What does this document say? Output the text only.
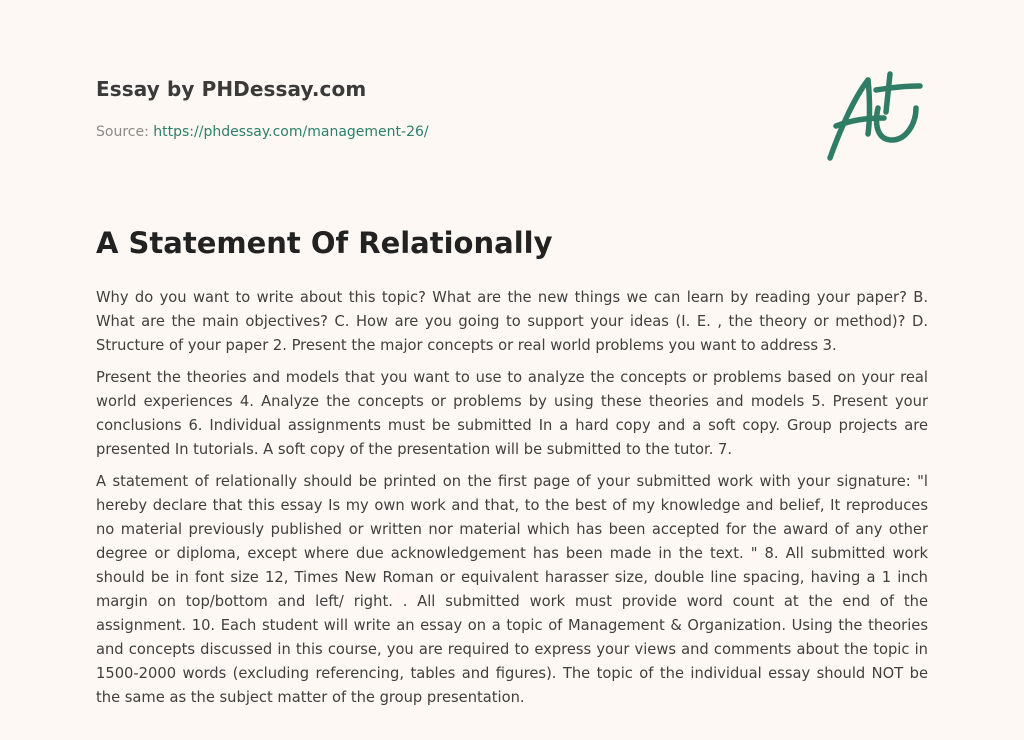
Essay by PHDessay.com
Source: https://phdessay.com/management-26/
A Statement Of Relationally

Why do you want to write about this topic? What are the new things we can learn by reading your paper? B. What are the main objectives? C. How are you going to support your ideas (I. E. , the theory or method)? D. Structure of your paper 2. Present the major concepts or real world problems you want to address 3.

Present the theories and models that you want to use to analyze the concepts or problems based on your real world experiences 4. Analyze the concepts or problems by using these theories and models 5. Present your conclusions 6. Individual assignments must be submitted In a hard copy and a soft copy. Group projects are presented In tutorials. A soft copy of the presentation will be submitted to the tutor. 7.

A statement of relationally should be printed on the first page of your submitted work with your signature: "l hereby declare that this essay Is my own work and that, to the best of my knowledge and belief, It reproduces no material previously published or written nor material which has been accepted for the award of any other degree or diploma, except where due acknowledgement has been made in the text. " 8. All submitted work should be in font size 12, Times New Roman or equivalent harasser size, double line spacing, having a 1 inch margin on top/bottom and left/ right. . All submitted work must provide word count at the end of the assignment. 10. Each student will write an essay on a topic of Management & Organization. Using the theories and concepts discussed in this course, you are required to express your views and comments about the topic in 1500-2000 words (excluding referencing, tables and figures). The topic of the individual essay should NOT be the same as the subject matter of the group presentation.
